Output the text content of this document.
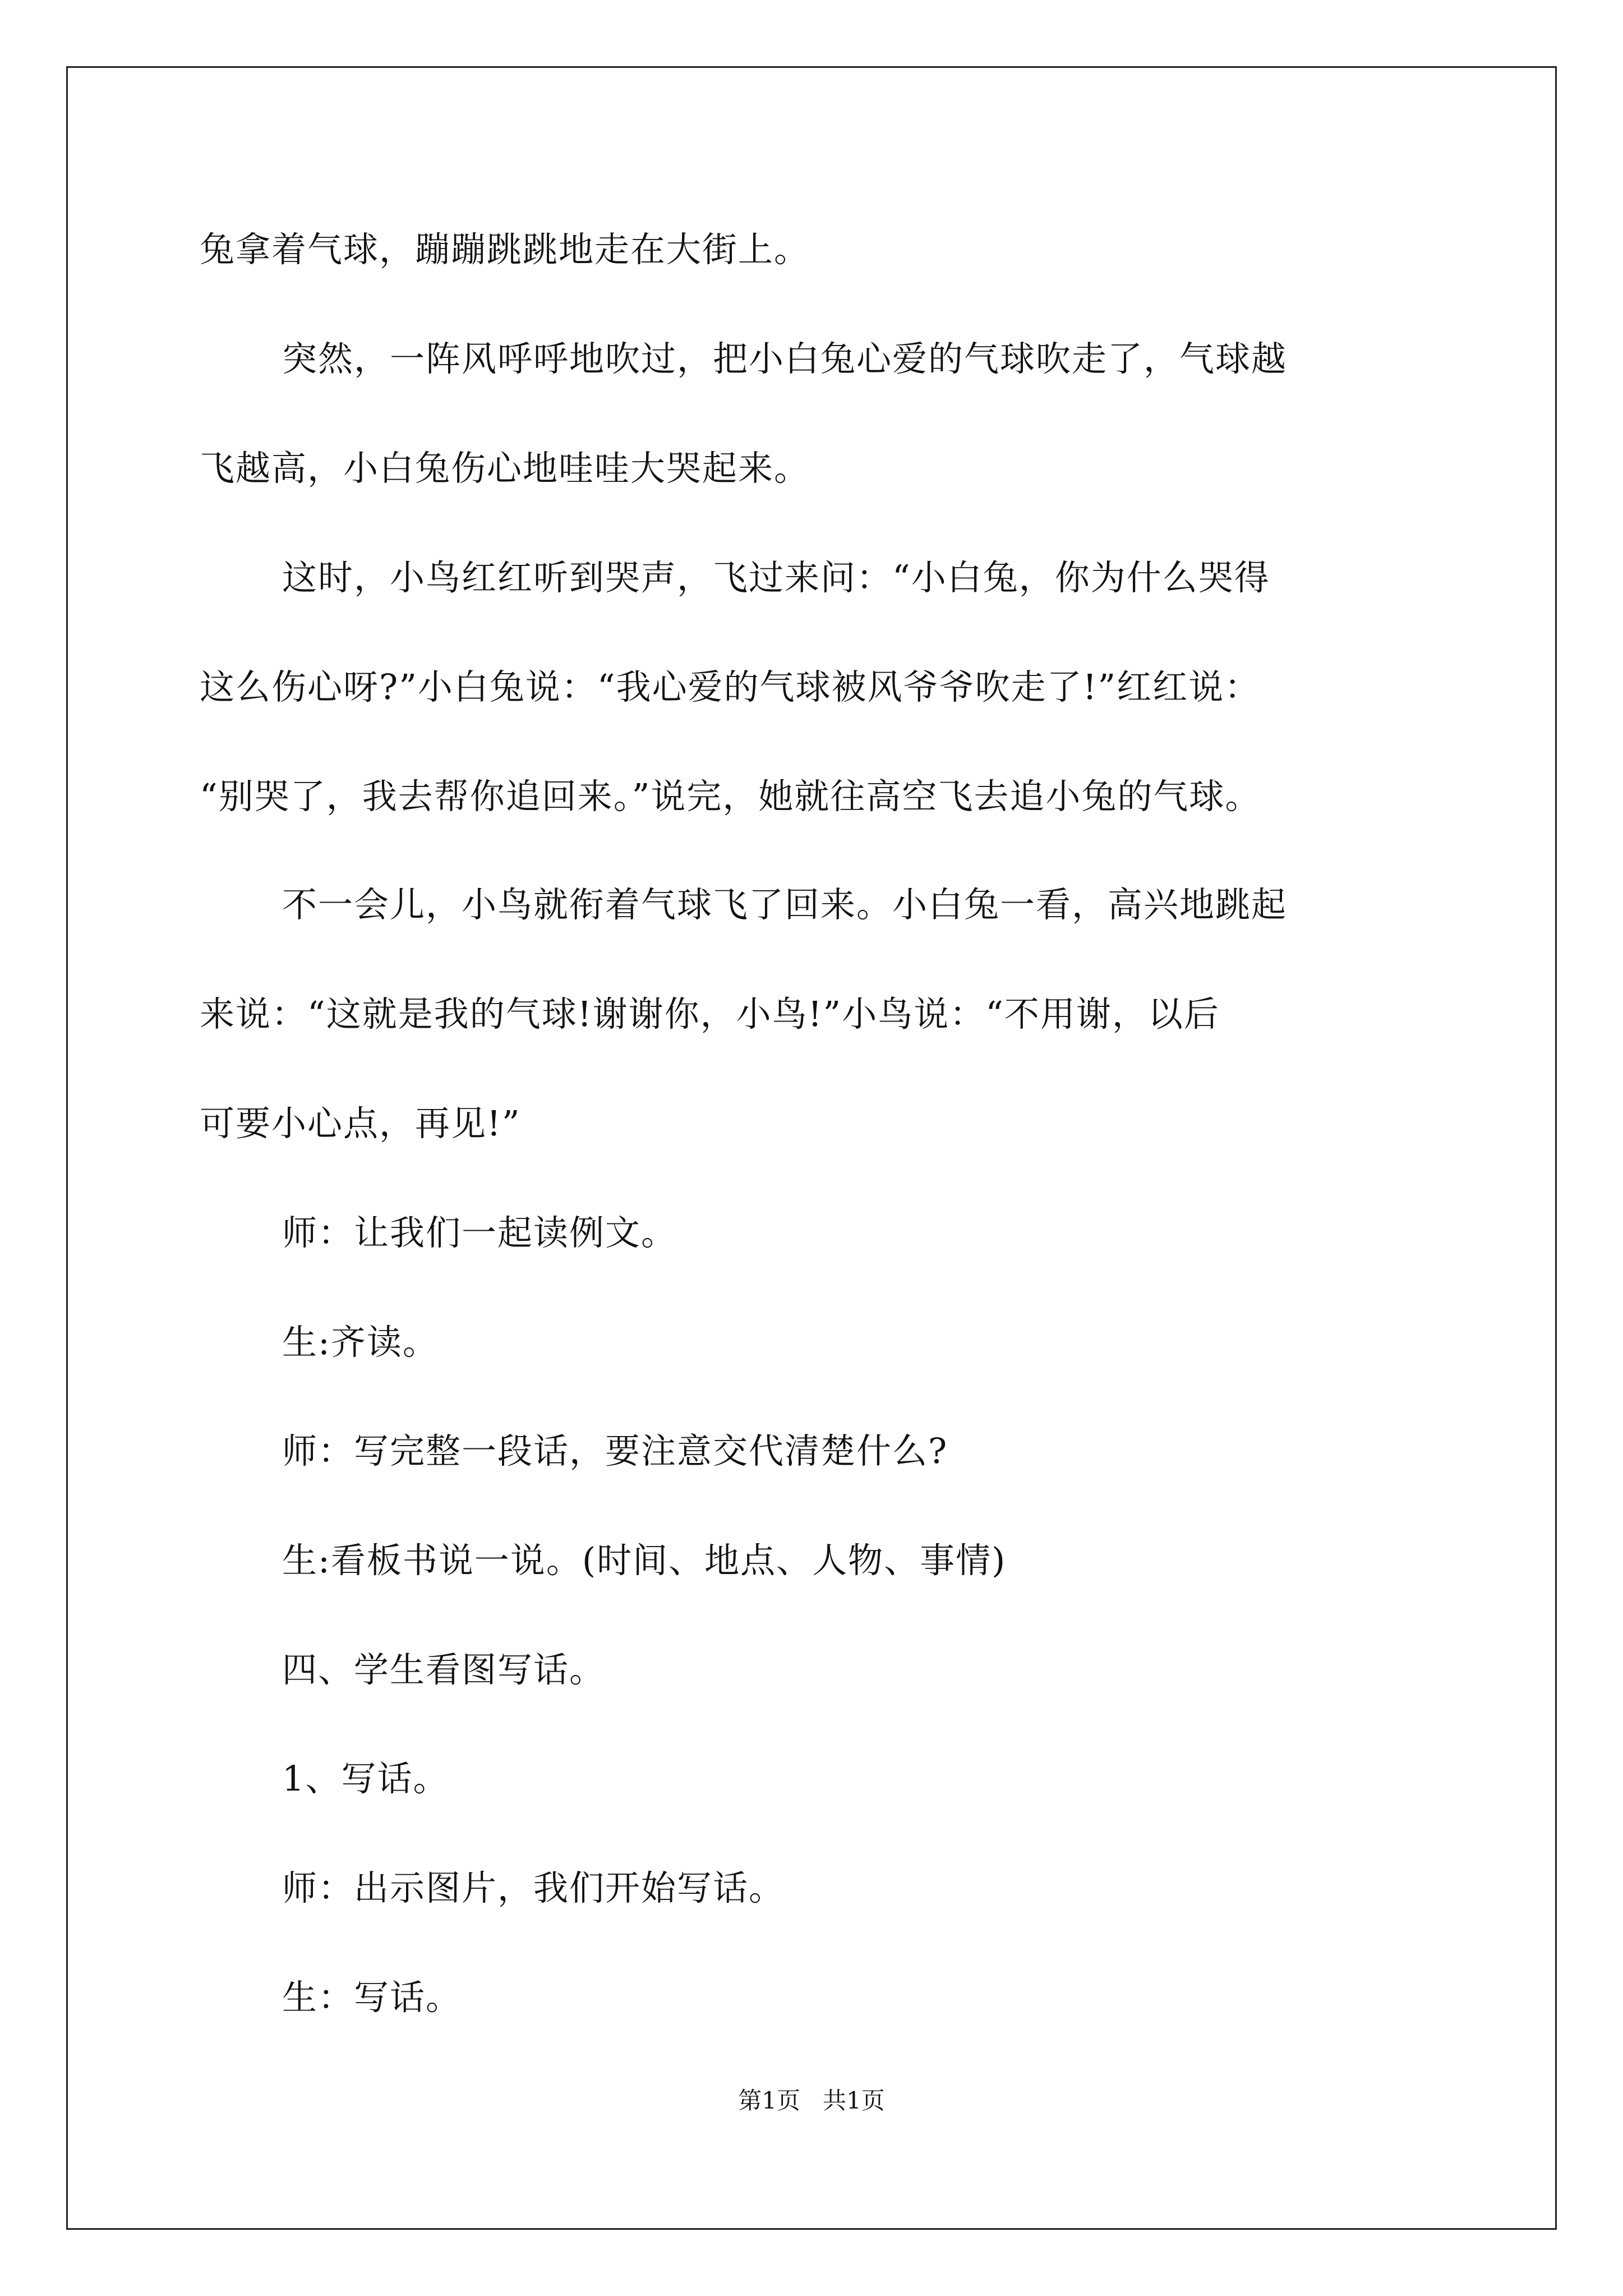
兔拿着气球，蹦蹦跳跳地走在大街上。
突然，一阵风呼呼地吹过，把小白兔心爱的气球吹走了，气球越
飞越高，小白兔伤心地哇哇大哭起来。
这时，小鸟红红听到哭声，飞过来问：“小白兔，你为什么哭得
这么伤心呀?”小白兔说：“我心爱的气球被风爷爷吹走了!”红红说：
“别哭了，我去帮你追回来。”说完，她就往高空飞去追小兔的气球。
不一会儿，小鸟就衔着气球飞了回来。小白兔一看，高兴地跳起
来说：“这就是我的气球!谢谢你，小鸟!”小鸟说：“不用谢，以后
可要小心点，再见!”
师：让我们一起读例文。
生:齐读。
师：写完整一段话，要注意交代清楚什么?
生:看板书说一说。(时间、地点、人物、事情)
四、学生看图写话。
1、写话。
师：出示图片，我们开始写话。
生：写话。
第1页   共1页
